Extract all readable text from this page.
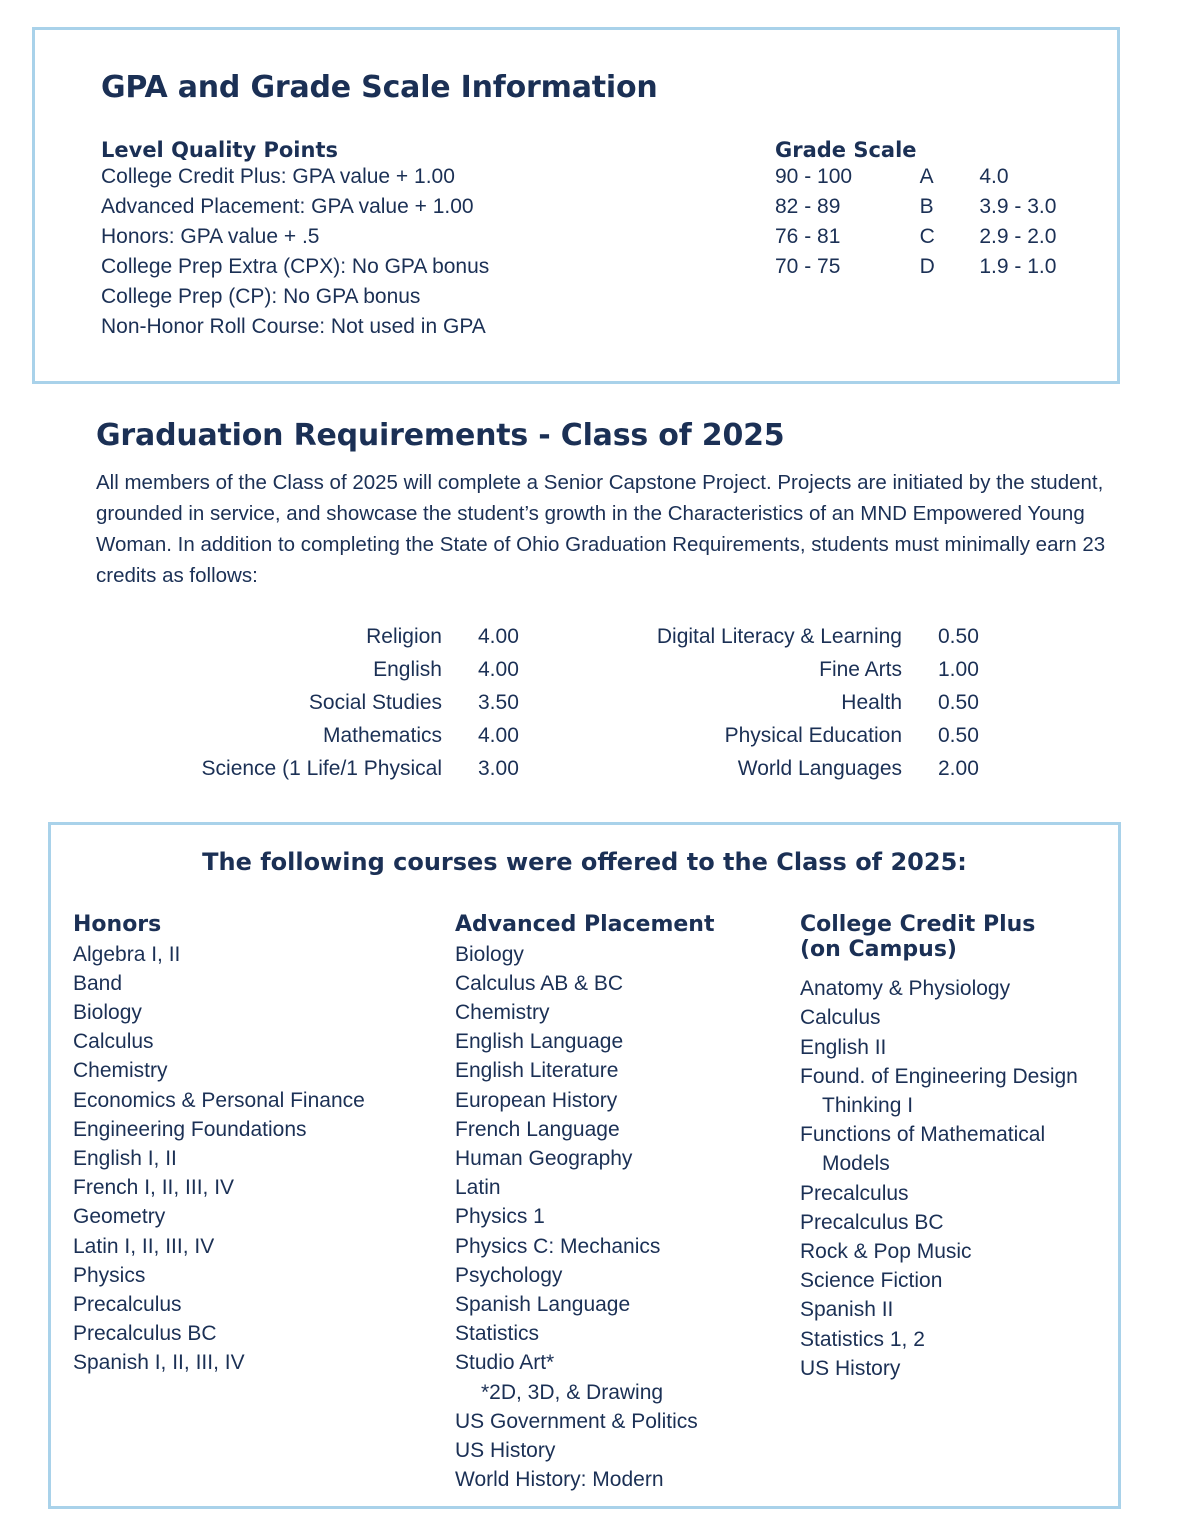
GPA and Grade Scale Information
Level Quality Points
College Credit Plus: GPA value + 1.00
Advanced Placement: GPA value + 1.00
Honors: GPA value + .5
College Prep Extra (CPX): No GPA bonus
College Prep (CP): No GPA bonus
Non-Honor Roll Course: Not used in GPA
Grade Scale
90 - 100	A	4.0
82 - 89	B	3.9 - 3.0
76 - 81	C	2.9 - 2.0
70 - 75	D	1.9 - 1.0
Graduation Requirements - Class of 2025

All members of the Class of 2025 will complete a Senior Capstone Project. Projects are initiated by the student, grounded in service, and showcase the student’s growth in the Characteristics of an MND Empowered Young Woman. In addition to completing the State of Ohio Graduation Requirements, students must minimally earn 23 credits as follows:

Religion	4.00
English	4.00
Social Studies	3.50
Mathematics	4.00
Science (1 Life/1 Physical	3.00
Digital Literacy & Learning	0.50
Fine Arts	1.00
Health	0.50
Physical Education	0.50
World Languages	2.00
The following courses were offered to the Class of 2025:
Honors
Algebra I, II
Band
Biology
Calculus
Chemistry
Economics & Personal Finance
Engineering Foundations
English I, II
French I, II, III, IV
Geometry
Latin I, II, III, IV
Physics
Precalculus
Precalculus BC
Spanish I, II, III, IV
Advanced Placement
Biology
Calculus AB & BC
Chemistry
English Language
English Literature
European History
French Language
Human Geography
Latin
Physics 1
Physics C: Mechanics
Psychology
Spanish Language
Statistics
Studio Art*
*2D, 3D, & Drawing
US Government & Politics
US History
World History: Modern
College Credit Plus
(on Campus)
Anatomy & Physiology
Calculus
English II
Found. of Engineering Design
Thinking I
Functions of Mathematical
Models
Precalculus
Precalculus BC
Rock & Pop Music
Science Fiction
Spanish II
Statistics 1, 2
US History
